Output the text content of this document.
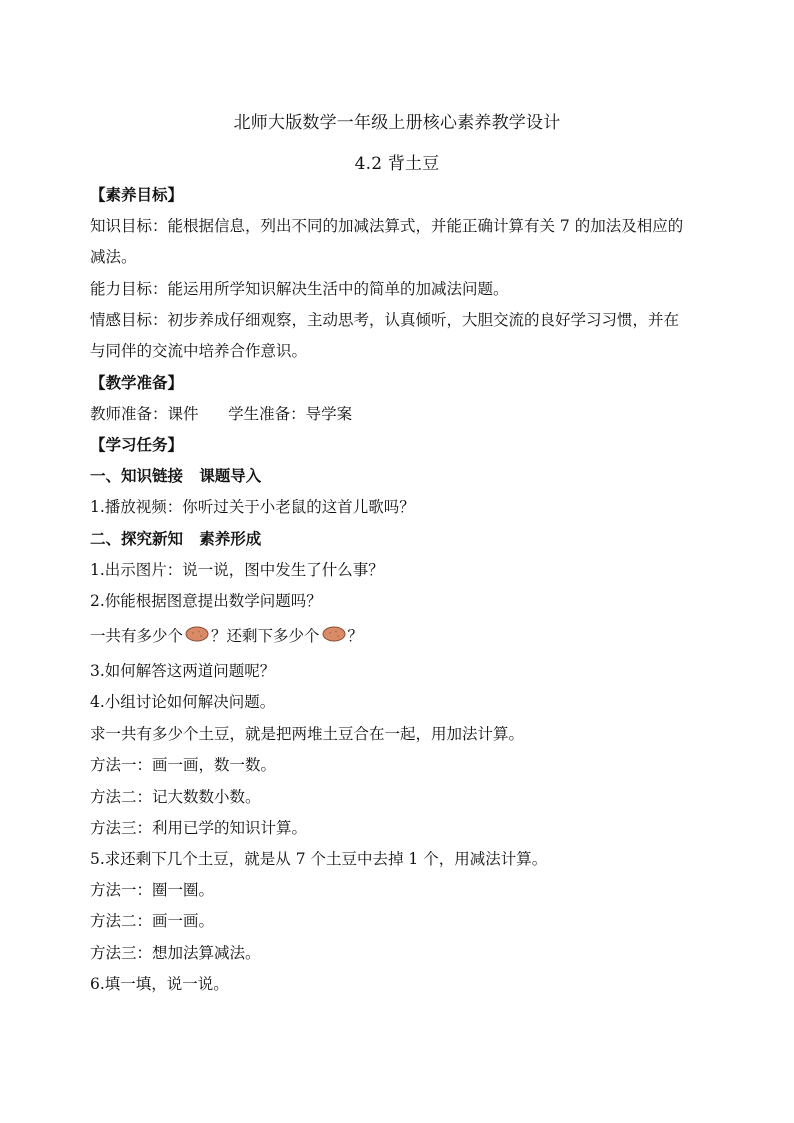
北师大版数学一年级上册核心素养教学设计
4.2 背土豆
【素养目标】
知识目标：能根据信息，列出不同的加减法算式，并能正确计算有关 7 的加法及相应的
减法。
能力目标：能运用所学知识解决生活中的简单的加减法问题。
情感目标：初步养成仔细观察，主动思考，认真倾听，大胆交流的良好学习习惯，并在
与同伴的交流中培养合作意识。
【教学准备】
教师准备：课件      学生准备：导学案
【学习任务】
一、知识链接   课题导入
1.播放视频：你听过关于小老鼠的这首儿歌吗？
二、探究新知   素养形成
1.出示图片：说一说，图中发生了什么事？
2.你能根据图意提出数学问题吗？
一共有多少个 ？还剩下多少个 ？
3.如何解答这两道问题呢？
4.小组讨论如何解决问题。
求一共有多少个土豆，就是把两堆土豆合在一起，用加法计算。
方法一：画一画，数一数。
方法二：记大数数小数。
方法三：利用已学的知识计算。
5.求还剩下几个土豆，就是从 7 个土豆中去掉 1 个，用减法计算。
方法一：圈一圈。
方法二：画一画。
方法三：想加法算减法。
6.填一填，说一说。
